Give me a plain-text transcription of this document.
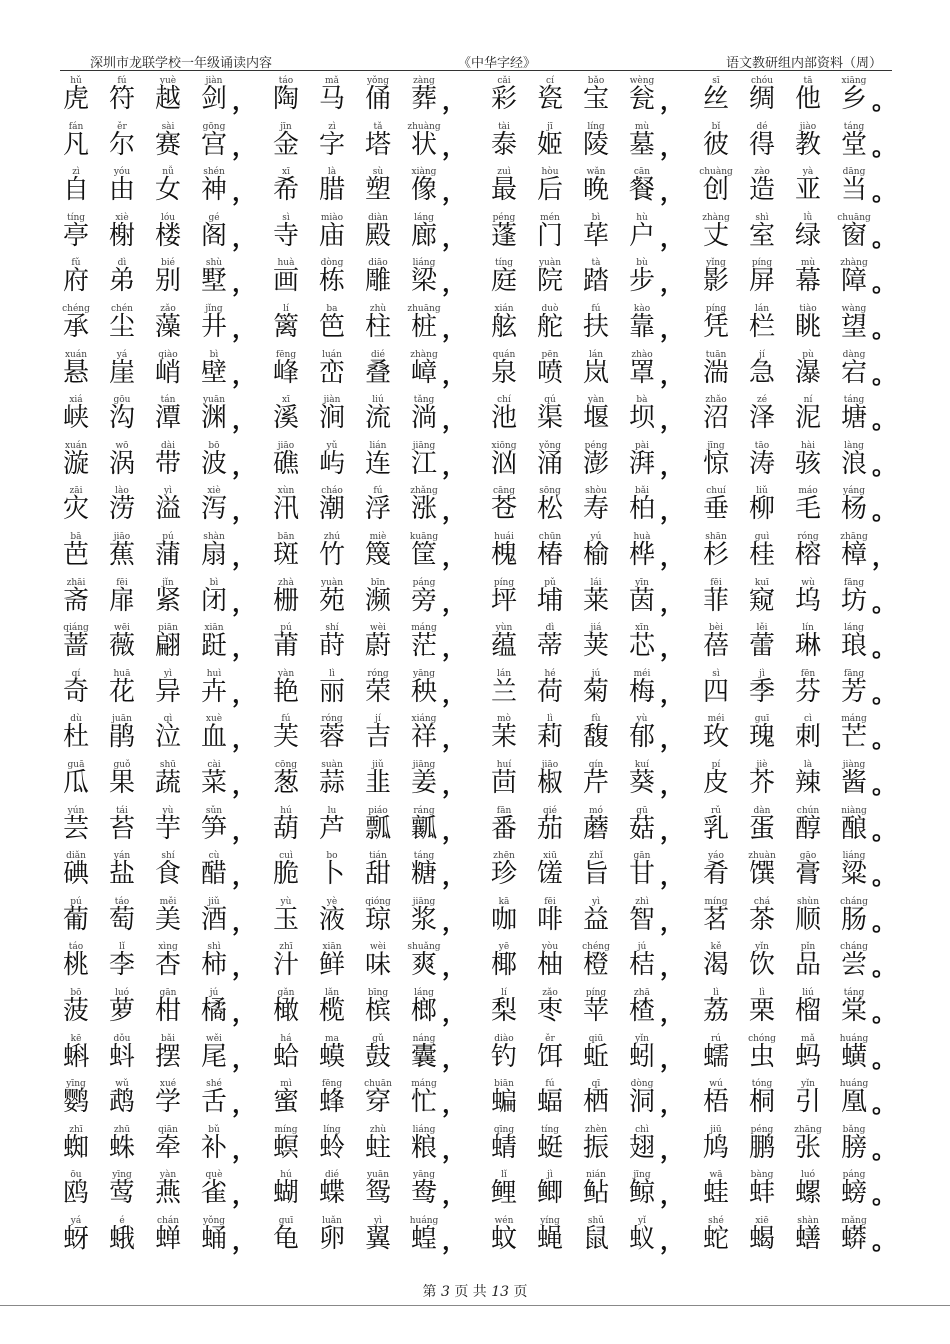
深圳市龙联学校一年级诵读内容	《中华字经》	语文教研组内部资料（周）
hǔ
虎
fú
符
yuè
越
jiàn
剑 ，
táo
陶
mǎ
马
yǒng
俑
zàng
葬 ，
cǎi
彩
cí
瓷
bǎo
宝
wèng
瓮 ，
sī
丝
chóu
绸
tā
他
xiāng
乡 。
fán
凡
ěr
尔
sài
赛
gōng
宫 ，
jīn
金
zì
字
tǎ
塔
zhuàng
状 ，
tài
泰
jī
姬
líng
陵
mù
墓 ，
bǐ
彼
dé
得
jiào
教
táng
堂 。
zì
自
yóu
由
nǚ
女
shén
神 ，
xī
希
là
腊
sù
塑
xiàng
像 ，
zuì
最
hòu
后
wǎn
晚
cān
餐 ，
chuàng
创
zào
造
yà
亚
dāng
当 。
tíng
亭
xiè
榭
lóu
楼
gé
阁 ，
sì
寺
miào
庙
diàn
殿
láng
廊 ，
péng
蓬
mén
门
bì
荜
hù
户 ，
zhàng
丈
shì
室
lǜ
绿
chuāng
窗 。
fǔ
府
dì
弟
bié
别
shù
墅 ，
huà
画
dòng
栋
diāo
雕
liáng
梁 ，
tíng
庭
yuàn
院
tà
踏
bù
步 ，
yǐng
影
píng
屏
mù
幕
zhàng
障 。
chéng
承
chén
尘
zǎo
藻
jǐng
井 ，
lí
篱
ba
笆
zhù
柱
zhuāng
桩 ，
xián
舷
duò
舵
fú
扶
kào
靠 ，
píng
凭
lán
栏
tiào
眺
wàng
望 。
xuán
悬
yá
崖
qiào
峭
bì
壁 ，
fēng
峰
luán
峦
dié
叠
zhàng
嶂 ，
quán
泉
pēn
喷
lán
岚
zhào
罩 ，
tuān
湍
jí
急
pù
瀑
dàng
宕 。
xiá
峡
gōu
沟
tán
潭
yuān
渊 ，
xī
溪
jiàn
涧
liú
流
tǎng
淌 ，
chí
池
qú
渠
yàn
堰
bà
坝 ，
zhǎo
沼
zé
泽
ní
泥
táng
塘 。
xuán
漩
wō
涡
dài
带
bō
波 ，
jiāo
礁
yǔ
屿
lián
连
jiāng
江 ，
xiōng
汹
yǒng
涌
péng
澎
pài
湃 ，
jīng
惊
tāo
涛
hài
骇
làng
浪 。
zāi
灾
lào
涝
yì
溢
xiè
泻 ，
xùn
汛
cháo
潮
fú
浮
zhǎng
涨 ，
cāng
苍
sōng
松
shòu
寿
bǎi
柏 ，
chuí
垂
liǔ
柳
máo
毛
yáng
杨 。
bā
芭
jiāo
蕉
pú
蒲
shàn
扇 ，
bān
斑
zhú
竹
miè
篾
kuāng
筐 ，
huái
槐
chūn
椿
yú
榆
huà
桦 ，
shān
杉
guì
桂
róng
榕
zhāng
樟 ，
zhāi
斋
fēi
扉
jǐn
紧
bì
闭 ，
zhà
栅
yuàn
苑
bīn
濒
páng
旁 ，
píng
坪
pǔ
埔
lái
莱
yīn
茵 ，
fēi
菲
kuī
窥
wù
坞
fāng
坊 。
qiáng
蔷
wēi
薇
piān
翩
xiān
跹 ，
pú
莆
shí
莳
wèi
蔚
máng
茫 ，
yùn
蕴
dì
蒂
jiá
荚
xīn
芯 ，
bèi
蓓
lěi
蕾
lín
琳
láng
琅 。
qí
奇
huā
花
yì
异
huì
卉 ，
yàn
艳
lì
丽
róng
荣
yāng
秧 ，
lán
兰
hé
荷
jú
菊
méi
梅 ，
sì
四
jì
季
fēn
芬
fāng
芳 。
dù
杜
juān
鹃
qì
泣
xuè
血 ，
fú
芙
róng
蓉
jí
吉
xiáng
祥 ，
mò
茉
lì
莉
fù
馥
yù
郁 ，
méi
玫
guī
瑰
cì
刺
máng
芒 。
guā
瓜
guǒ
果
shū
蔬
cài
菜 ，
cōng
葱
suàn
蒜
jiǔ
韭
jiāng
姜 ，
huí
茴
jiāo
椒
qín
芹
kuí
葵 ，
pí
皮
jiè
芥
là
辣
jiàng
酱 。
yún
芸
tái
苔
yù
芋
sǔn
笋 ，
hú
葫
lu
芦
piáo
瓢
ráng
瓤 ，
fān
番
qié
茄
mó
蘑
gū
菇 ，
rǔ
乳
dàn
蛋
chún
醇
niàng
酿 。
diǎn
碘
yán
盐
shí
食
cù
醋 ，
cuì
脆
bo
卜
tián
甜
táng
糖 ，
zhēn
珍
xiū
馐
zhǐ
旨
gān
甘 ，
yáo
肴
zhuàn
馔
gāo
膏
liáng
粱 。
pú
葡
táo
萄
měi
美
jiǔ
酒 ，
yù
玉
yè
液
qióng
琼
jiāng
浆 ，
kā
咖
fēi
啡
yì
益
zhì
智 ，
míng
茗
chá
茶
shùn
顺
cháng
肠 。
táo
桃
lǐ
李
xìng
杏
shì
柿 ，
zhī
汁
xiān
鲜
wèi
味
shuǎng
爽 ，
yē
椰
yòu
柚
chéng
橙
jú
桔 ，
kě
渴
yǐn
饮
pǐn
品
cháng
尝 。
bō
菠
luó
萝
gān
柑
jú
橘 ，
gǎn
橄
lǎn
榄
bīng
槟
láng
榔 ，
lí
梨
zǎo
枣
píng
苹
zhā
楂 ，
lì
荔
lì
栗
liú
榴
táng
棠 。
kē
蝌
dǒu
蚪
bǎi
摆
wěi
尾 ，
há
蛤
ma
蟆
gǔ
鼓
náng
囊 ，
diào
钓
ěr
饵
qiū
蚯
yǐn
蚓 ，
rú
蠕
chóng
虫
mǎ
蚂
huáng
蟥 。
yīng
鹦
wǔ
鹉
xué
学
shé
舌 ，
mì
蜜
fēng
蜂
chuān
穿
máng
忙 ，
biān
蝙
fú
蝠
qī
栖
dòng
洞 ，
wú
梧
tóng
桐
yǐn
引
huáng
凰 。
zhī
蜘
zhū
蛛
qiān
牵
bǔ
补 ，
míng
螟
líng
蛉
zhù
蛀
liáng
粮 ，
qīng
蜻
tíng
蜓
zhèn
振
chì
翅 ，
jiū
鸠
péng
鹏
zhāng
张
bǎng
膀 。
ōu
鸥
yīng
莺
yàn
燕
què
雀 ，
hú
蝴
dié
蝶
yuān
鸳
yāng
鸯 ，
lǐ
鲤
jì
鲫
nián
鲇
jīng
鲸 ，
wā
蛙
bàng
蚌
luó
螺
páng
螃 。
yá
蚜
é
蛾
chán
蝉
yǒng
蛹 ，
guī
龟
luǎn
卵
yì
翼
huáng
蝗 ，
wén
蚊
yíng
蝇
shǔ
鼠
yǐ
蚁 ，
shé
蛇
xiē
蝎
shàn
蟮
mǎng
蟒 。
第 3 页 共 13 页
